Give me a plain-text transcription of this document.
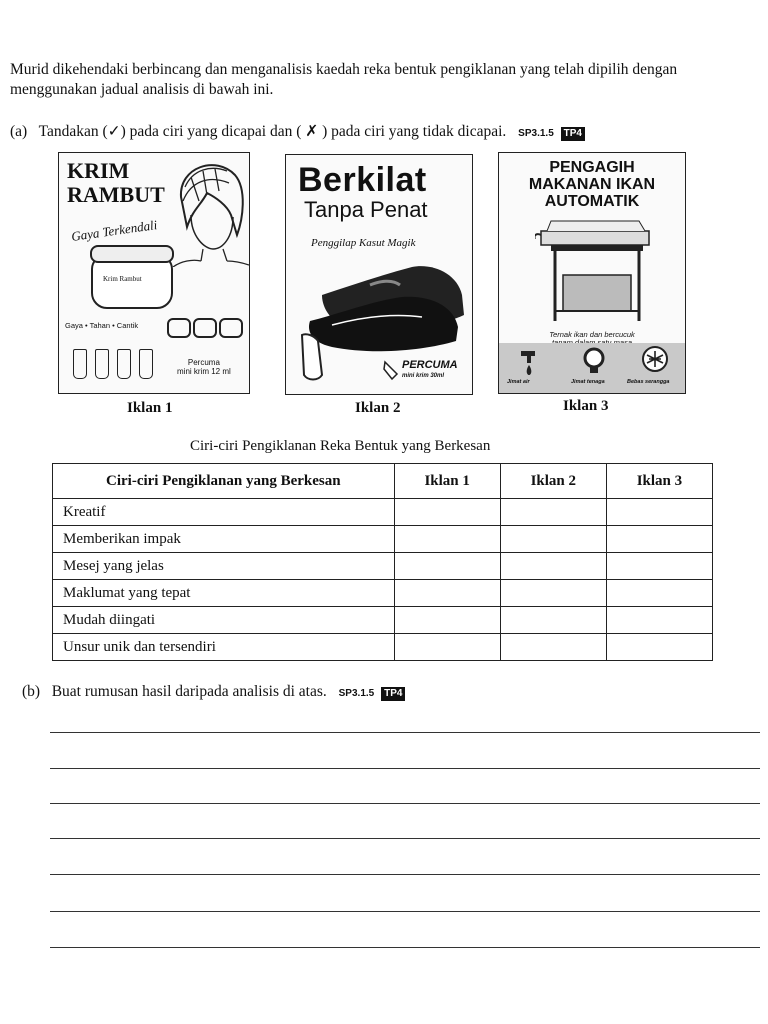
Murid dikehendaki berbincang dan menganalisis kaedah reka bentuk pengiklanan yang telah dipilih dengan menggunakan jadual analisis di bawah ini.
(a) Tandakan (✓) pada ciri yang dicapai dan ( ✗ ) pada ciri yang tidak dicapai. SP3.1.5 TP4
KRIM
RAMBUT
Gaya Terkendali
Krim Rambut
Gaya • Tahan • Cantik
Percuma
mini krim 12 ml
Iklan 1
Berkilat
Tanpa Penat
Penggilap Kasut Magik
PERCUMA
mini krim 30ml
Iklan 2
PENGAGIH
MAKANAN IKAN
AUTOMATIK
Ternak ikan dan bercucuk
Jimat air	Jimat tenaga	Bebas serangga
Iklan 3
Ciri-ciri Pengiklanan Reka Bentuk yang Berkesan
Ciri-ciri Pengiklanan yang Berkesan	Iklan 1	Iklan 2	Iklan 3
Kreatif			
Memberikan impak			
Mesej yang jelas			
Maklumat yang tepat			
Mudah diingati			
Unsur unik dan tersendiri			
(b) Buat rumusan hasil daripada analisis di atas. SP3.1.5 TP4
